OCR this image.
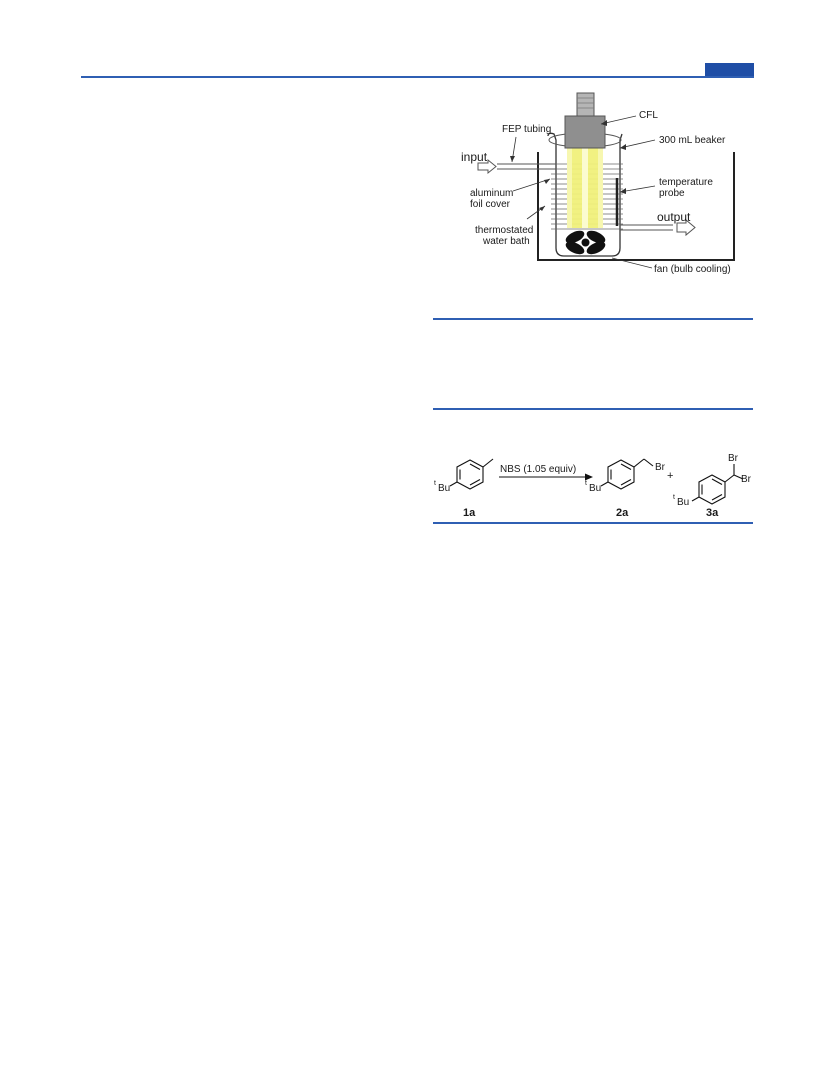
CFL
FEP tubing
300 mL beaker
input
temperature
probe
aluminum
foil cover
output
thermostated
water bath
fan (bulb cooling)
t Bu
1a
NBS (1.05 equiv)	Br
t Bu
2a
+
Br
Br
t Bu
3a
